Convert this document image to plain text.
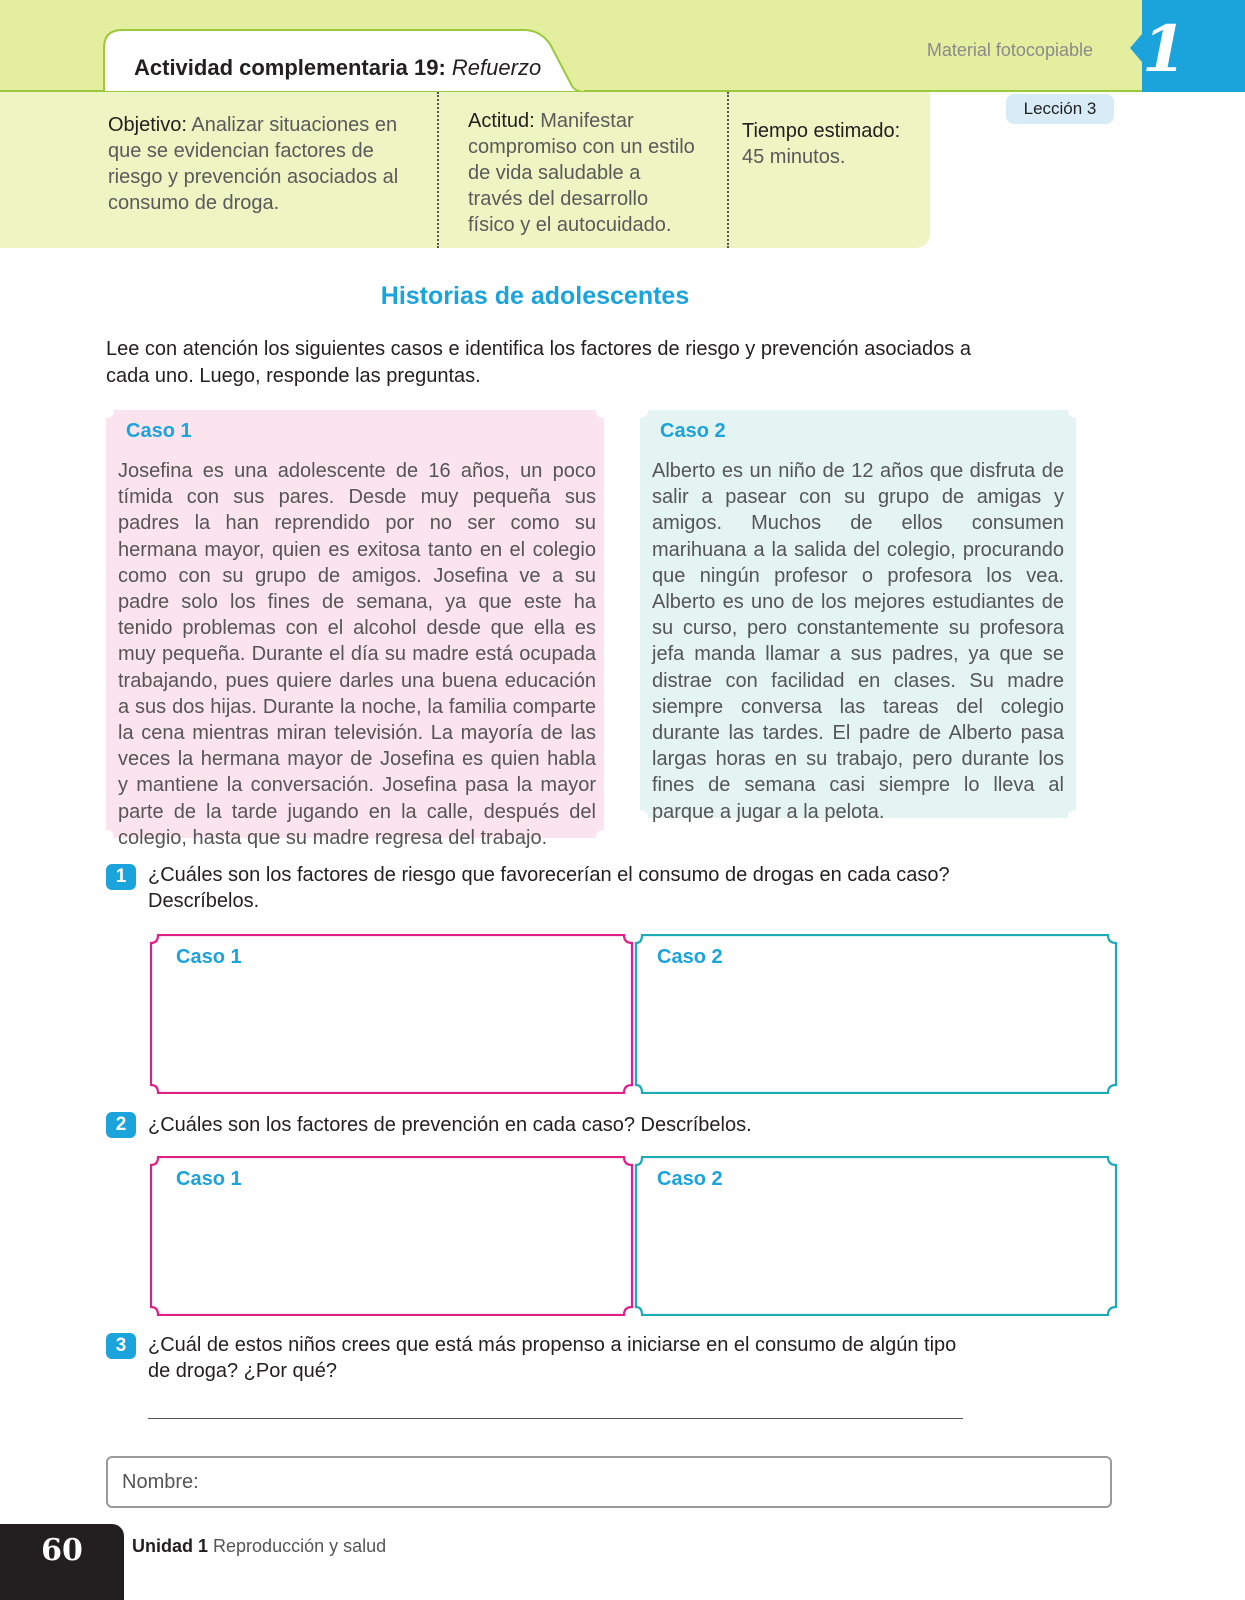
Actividad complementaria 19: Refuerzo
Material fotocopiable 1
Lección 3
Objetivo: Analizar situaciones en que se evidencian factores de riesgo y prevención asociados al consumo de droga.
Actitud: Manifestar compromiso con un estilo de vida saludable a través del desarrollo físico y el autocuidado.
Tiempo estimado:
45 minutos.
Historias de adolescentes
Lee con atención los siguientes casos e identifica los factores de riesgo y prevención asociados a cada uno. Luego, responde las preguntas.
Caso 1
Josefina es una adolescente de 16 años, un poco tímida con sus pares. Desde muy pequeña sus padres la han reprendido por no ser como su hermana mayor, quien es exitosa tanto en el colegio como con su grupo de amigos. Josefina ve a su padre solo los fines de semana, ya que este ha tenido problemas con el alcohol desde que ella es muy pequeña. Durante el día su madre está ocupada trabajando, pues quiere darles una buena educación a sus dos hijas. Durante la noche, la familia comparte la cena mientras miran televisión. La mayoría de las veces la hermana mayor de Josefina es quien habla y mantiene la conversación. Josefina pasa la mayor parte de la tarde jugando en la calle, después del colegio, hasta que su madre regresa del trabajo.
Caso 2
Alberto es un niño de 12 años que disfruta de salir a pasear con su grupo de amigas y amigos. Muchos de ellos consumen marihuana a la salida del colegio, procurando que ningún profesor o profesora los vea. Alberto es uno de los mejores estudiantes de su curso, pero constantemente su profesora jefa manda llamar a sus padres, ya que se distrae con facilidad en clases. Su madre siempre conversa las tareas del colegio durante las tardes. El padre de Alberto pasa largas horas en su trabajo, pero durante los fines de semana casi siempre lo lleva al parque a jugar a la pelota.
1	¿Cuáles son los factores de riesgo que favorecerían el consumo de drogas en cada caso? Descríbelos.
Caso 1	Caso 2
2	¿Cuáles son los factores de prevención en cada caso? Descríbelos.
Caso 1	Caso 2
3	¿Cuál de estos niños crees que está más propenso a iniciarse en el consumo de algún tipo de droga? ¿Por qué?
Nombre:
60	Unidad 1 Reproducción y salud
